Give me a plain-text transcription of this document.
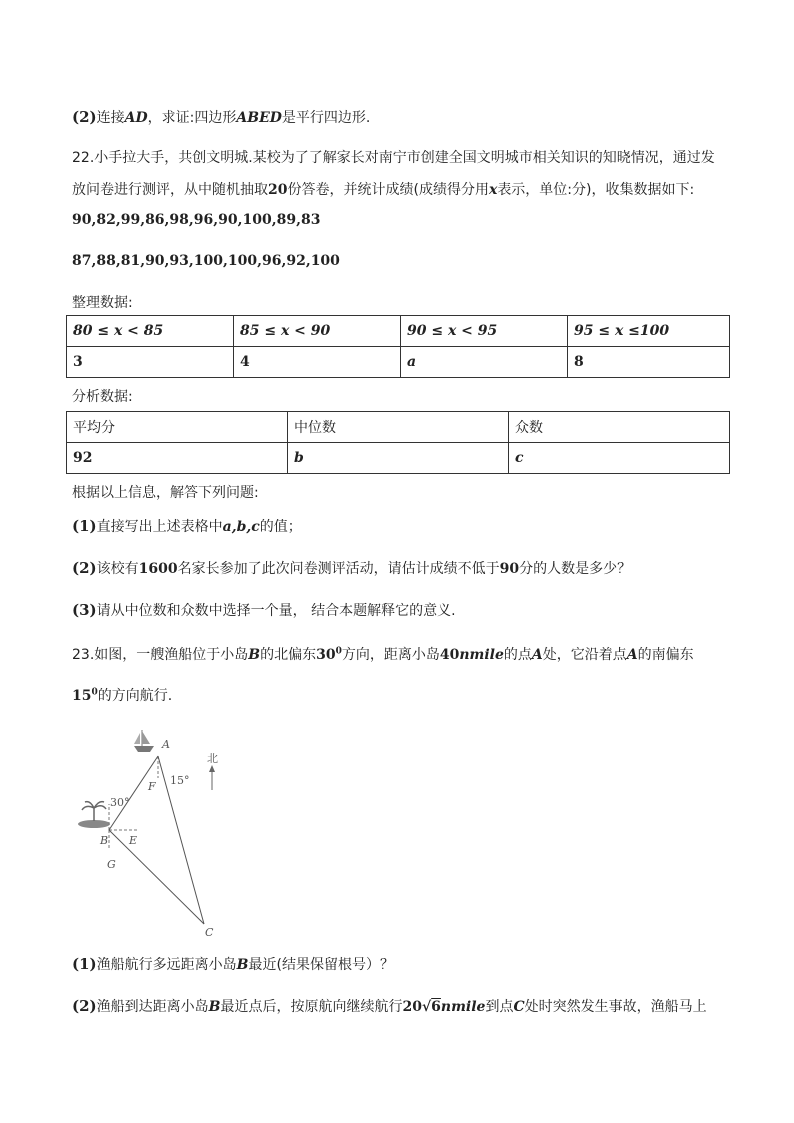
(2)连接AD，求证:四边形ABED是平行四边形.
22.小手拉大手，共创文明城.某校为了了解家长对南宁市创建全国文明城市相关知识的知晓情况，通过发
放问卷进行测评，从中随机抽取20份答卷，并统计成绩(成绩得分用x表示，单位:分)，收集数据如下:
90,82,99,86,98,96,90,100,89,83
87,88,81,90,93,100,100,96,92,100
整理数据:
80 ≤ x < 85	85 ≤ x < 90	90 ≤ x < 95	95 ≤ x ≤100
3	4	a	8
分析数据:
平均分	中位数	众数
92	b	c
根据以上信息，解答下列问题:
(1)直接写出上述表格中a,b,c的值；
(2)该校有1600名家长参加了此次问卷测评活动，请估计成绩不低于90分的人数是多少？
(3)请从中位数和众数中选择一个量， 结合本题解释它的意义.
23.如图，一艘渔船位于小岛B的北偏东$30^0$方向，距离小岛40nmile的点A处，它沿着点A的南偏东
$15^0$的方向航行.
北
A
F
B E
G
C
30°
15°
(1)渔船航行多远距离小岛B最近(结果保留根号）？
(2)渔船到达距离小岛B最近点后，按原航向继续航行20√6nmile到点C处时突然发生事故，渔船马上
